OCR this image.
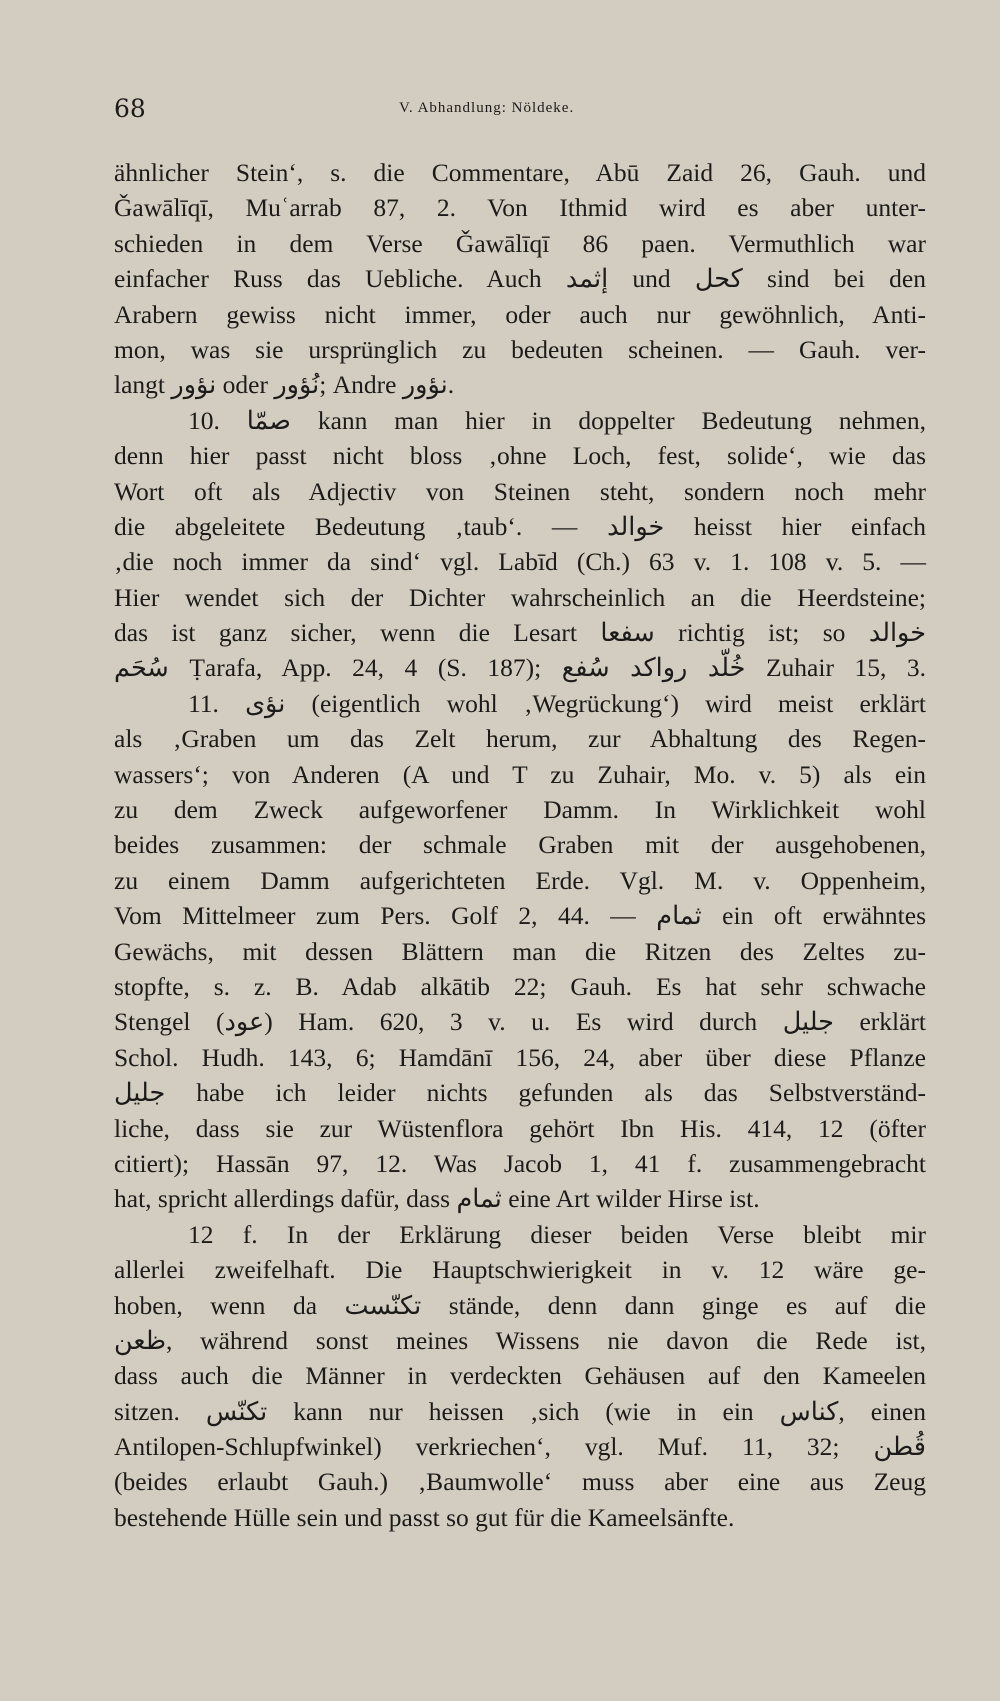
68	V. Abhandlung: Nöldeke.
ähnlicher Stein‘, s. die Commentare, Abū Zaid 26, Gauh. und
Ǧawālīqī, Muʿarrab 87, 2. Von Ithmid wird es aber unter-
schieden in dem Verse Ǧawālīqī 86 paen. Vermuthlich war
einfacher Russ das Uebliche. Auch إثمد und كحل sind bei den
Arabern gewiss nicht immer, oder auch nur gewöhnlich, Anti-
mon, was sie ursprünglich zu bedeuten scheinen. — Gauh. ver-
langt نؤور oder نُؤور; Andre نؤور.
10. صمّا kann man hier in doppelter Bedeutung nehmen,
denn hier passt nicht bloss ‚ohne Loch, fest, solide‘, wie das
Wort oft als Adjectiv von Steinen steht, sondern noch mehr
die abgeleitete Bedeutung ‚taub‘. — خوالد heisst hier einfach
‚die noch immer da sind‘ vgl. Labīd (Ch.) 63 v. 1. 108 v. 5. —
Hier wendet sich der Dichter wahrscheinlich an die Heerdsteine;
das ist ganz sicher, wenn die Lesart سفعا richtig ist; so خوالد
سُحَم Ṭarafa, App. 24, 4 (S. 187); خُلّد رواكد سُفع Zuhair 15, 3.
11. نؤى (eigentlich wohl ‚Wegrückung‘) wird meist erklärt
als ‚Graben um das Zelt herum, zur Abhaltung des Regen-
wassers‘; von Anderen (A und T zu Zuhair, Mo. v. 5) als ein
zu dem Zweck aufgeworfener Damm. In Wirklichkeit wohl
beides zusammen: der schmale Graben mit der ausgehobenen,
zu einem Damm aufgerichteten Erde. Vgl. M. v. Oppenheim,
Vom Mittelmeer zum Pers. Golf 2, 44. — ثمام ein oft erwähntes
Gewächs, mit dessen Blättern man die Ritzen des Zeltes zu-
stopfte, s. z. B. Adab alkātib 22; Gauh. Es hat sehr schwache
Stengel (عود) Ham. 620, 3 v. u. Es wird durch جليل erklärt
Schol. Hudh. 143, 6; Hamdānī 156, 24, aber über diese Pflanze
جليل habe ich leider nichts gefunden als das Selbstverständ-
liche, dass sie zur Wüstenflora gehört Ibn His. 414, 12 (öfter
citiert); Hassān 97, 12. Was Jacob 1, 41 f. zusammengebracht
hat, spricht allerdings dafür, dass ثمام eine Art wilder Hirse ist.
12 f. In der Erklärung dieser beiden Verse bleibt mir
allerlei zweifelhaft. Die Hauptschwierigkeit in v. 12 wäre ge-
hoben, wenn da تكنّست stände, denn dann ginge es auf die
ظعن, während sonst meines Wissens nie davon die Rede ist,
dass auch die Männer in verdeckten Gehäusen auf den Kameelen
sitzen. تكنّس kann nur heissen ‚sich (wie in ein كناس, einen
Antilopen-Schlupfwinkel) verkriechen‘, vgl. Muf. 11, 32; قُطن
(beides erlaubt Gauh.) ‚Baumwolle‘ muss aber eine aus Zeug
bestehende Hülle sein und passt so gut für die Kameelsänfte.
